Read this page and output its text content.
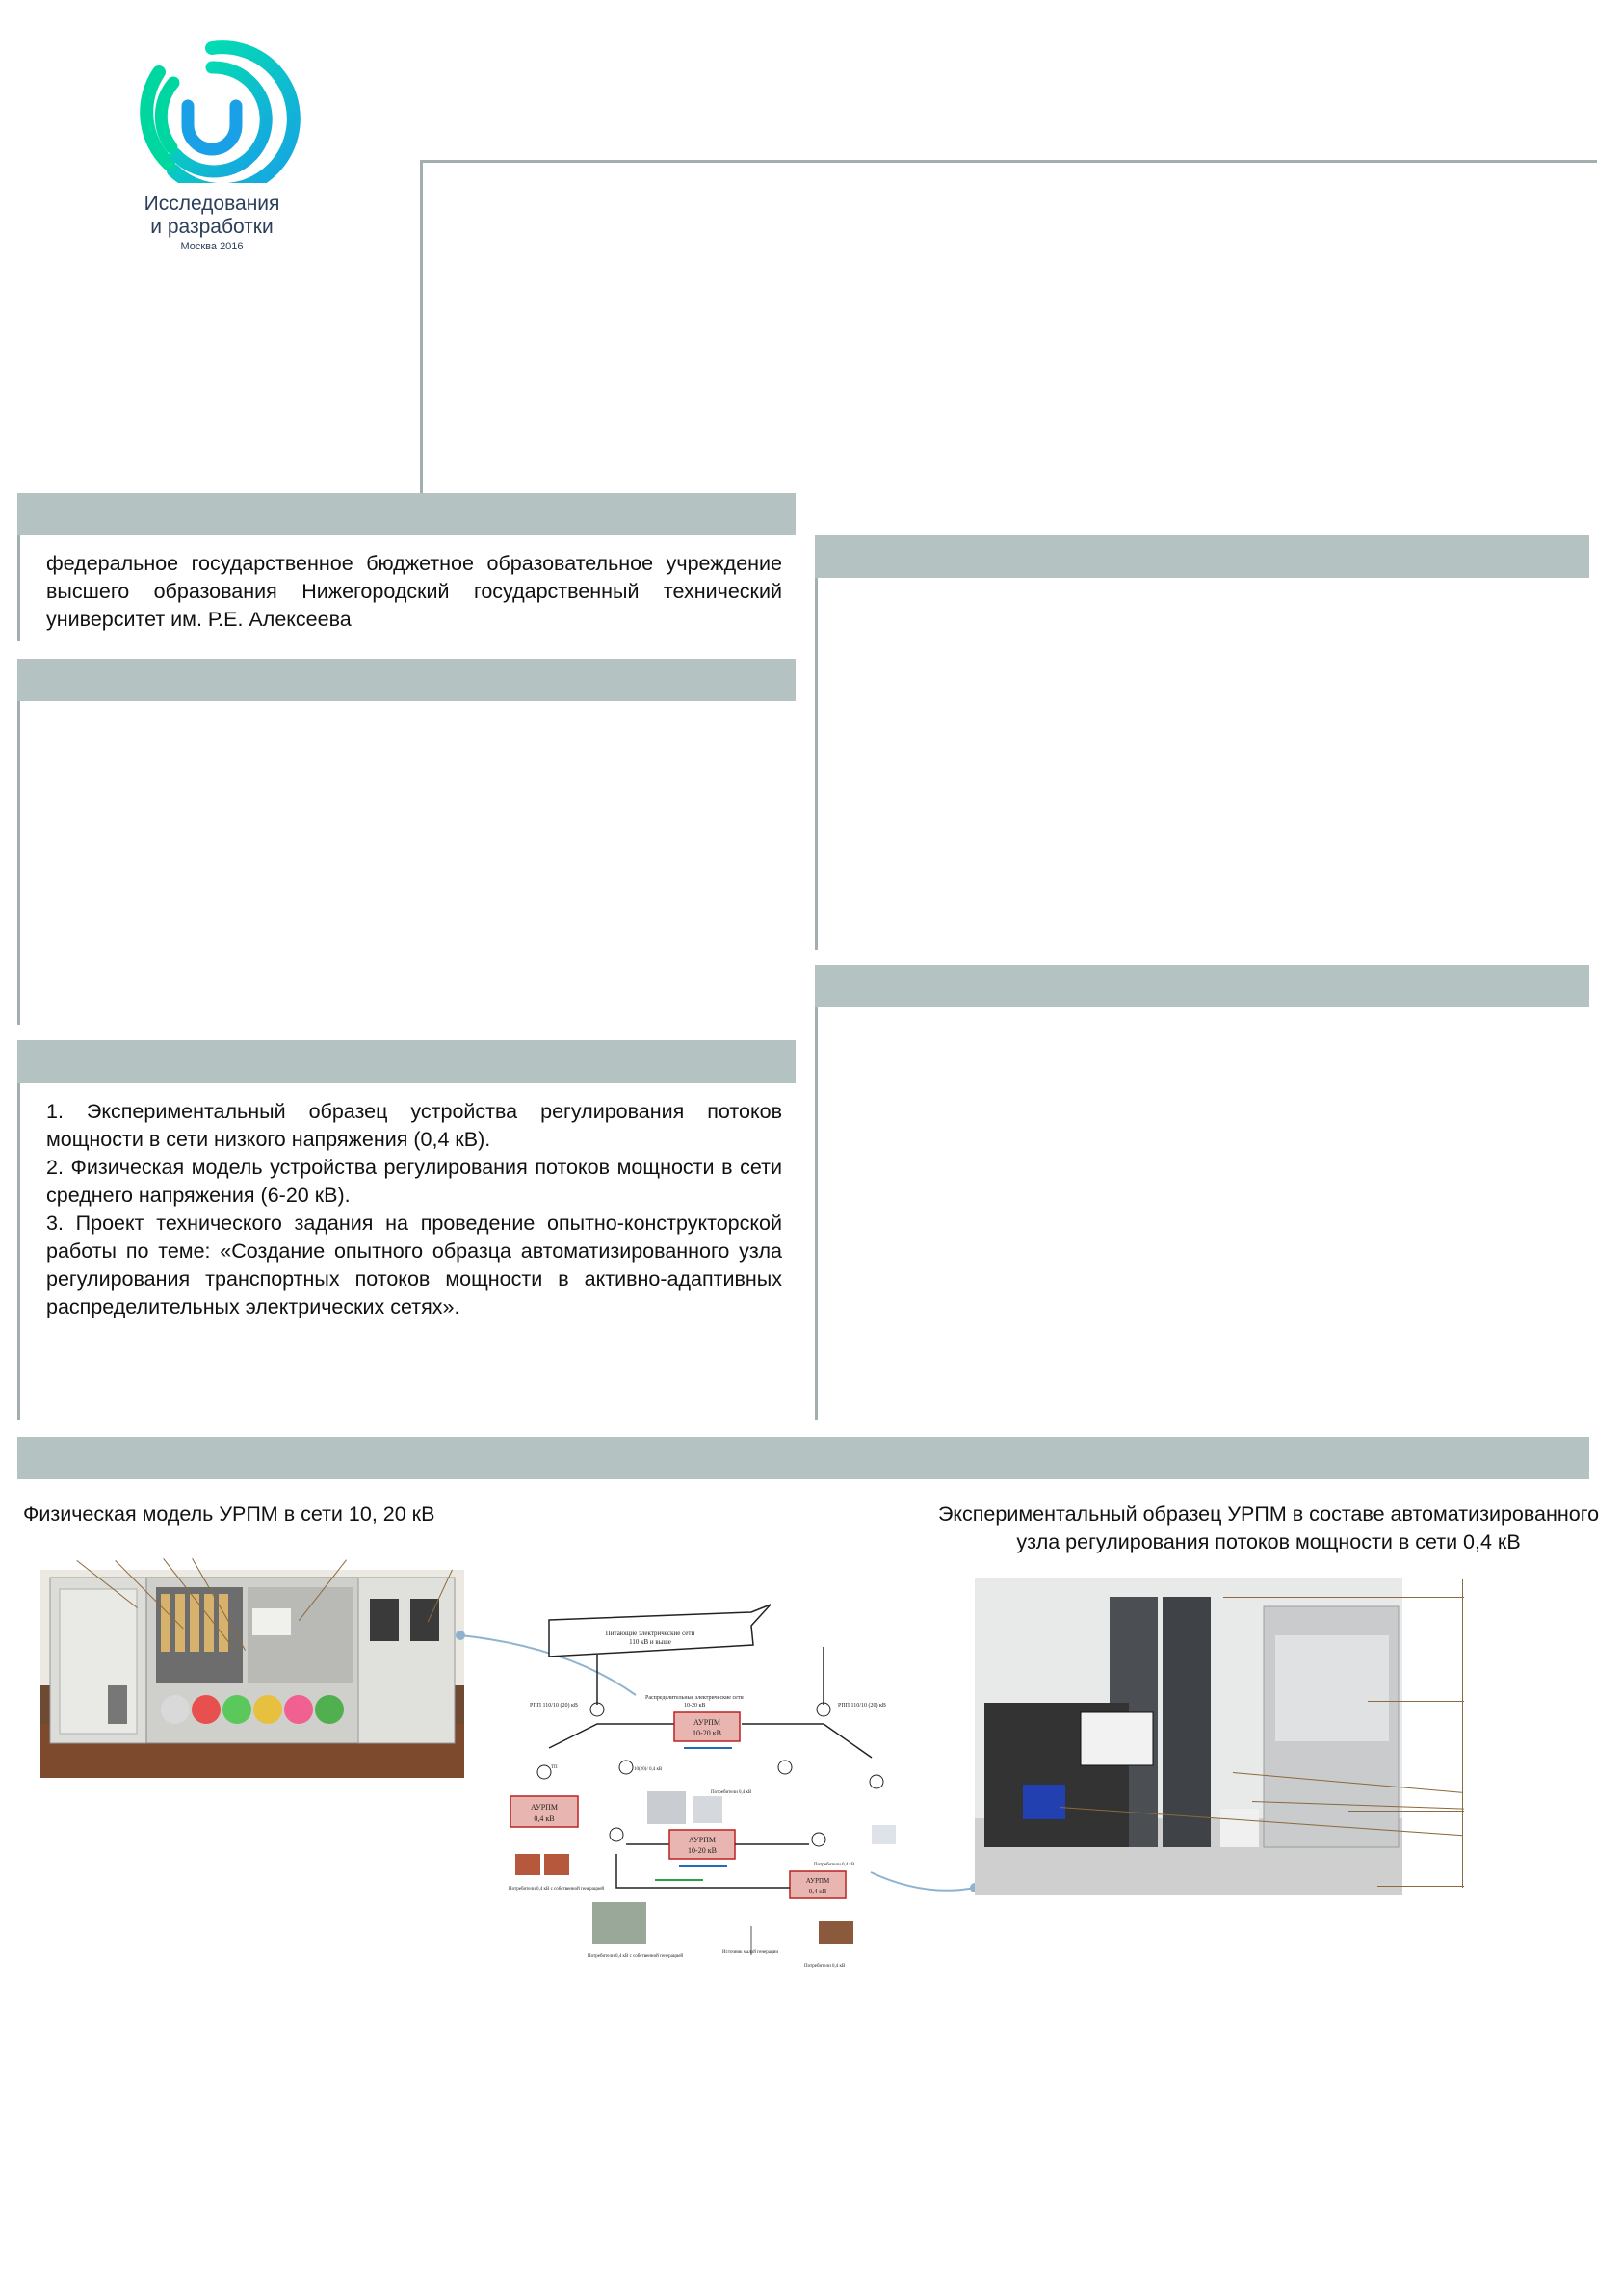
Исследования
и разработки
Москва 2016
федеральное государственное бюджетное образовательное учреждение высшего образования Нижегородский государственный технический университет им. Р.Е. Алексеева
1. Экспериментальный образец устройства регулирования потоков мощности в сети низкого напряжения (0,4 кВ).
2. Физическая модель устройства регулирования потоков мощности в сети среднего напряжения (6-20 кВ).
3. Проект технического задания на проведение опытно-конструкторской работы по теме: «Создание опытного образца автоматизированного узла регулирования транспортных потоков мощности в активно-адаптивных распределительных электрических сетях».
Физическая модель УРПМ в сети 10, 20 кВ	Экспериментальный образец УРПМ в составе автоматизированного узла регулирования потоков мощности в сети 0,4 кВ
Питающие электрические сети
110 кВ и выше
РПП 110/10 (20) кВ	РПП 110/10 (20) кВ
Распределительные электрические сети
10-20 кВ
АУРПМ
10-20 кВ
ТП	10(20)/ 0,4 кВ
Потребители 0,4 кВ
Потребители 0,4 кВ
АУРПМ
0,4 кВ
Потребители 0,4 кВ с собственной генерацией
АУРПМ
10-20 кВ
АУРПМ
0,4 кВ
Потребители 0,4 кВ с собственной генерацией
Источник малой генерации
Потребители 0,4 кВ
